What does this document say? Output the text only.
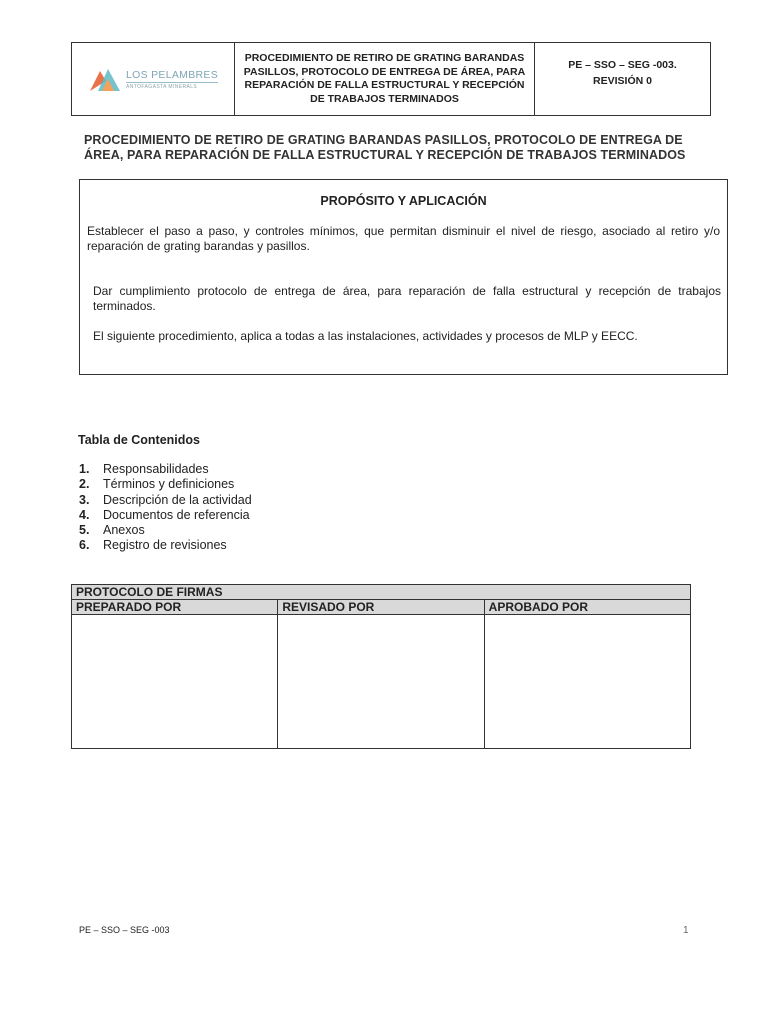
LOS PELAMBRES
ANTOFAGASTA MINERALS
PROCEDIMIENTO DE RETIRO DE GRATING BARANDAS PASILLOS, PROTOCOLO DE ENTREGA DE ÁREA, PARA REPARACIÓN DE FALLA ESTRUCTURAL Y RECEPCIÓN DE TRABAJOS TERMINADOS
PE – SSO – SEG -003.
REVISIÓN 0
PROCEDIMIENTO DE RETIRO DE GRATING BARANDAS PASILLOS, PROTOCOLO DE ENTREGA DE
ÁREA, PARA REPARACIÓN DE FALLA ESTRUCTURAL Y RECEPCIÓN DE TRABAJOS TERMINADOS
PROPÓSITO Y APLICACIÓN
Establecer el paso a paso, y controles mínimos, que permitan disminuir el nivel de riesgo, asociado al retiro y/o reparación de grating barandas y pasillos.
Dar cumplimiento protocolo de entrega de área, para reparación de falla estructural y recepción de trabajos terminados.
El siguiente procedimiento, aplica a todas a las instalaciones, actividades y procesos de MLP y EECC.
Tabla de Contenidos
1.	Responsabilidades
2.	Términos y definiciones
3.	Descripción de la actividad
4.	Documentos de referencia
5.	Anexos
6.	Registro de revisiones
PROTOCOLO DE FIRMAS		
PREPARADO POR	REVISADO POR	APROBADO POR

PE – SSO – SEG -003	1
